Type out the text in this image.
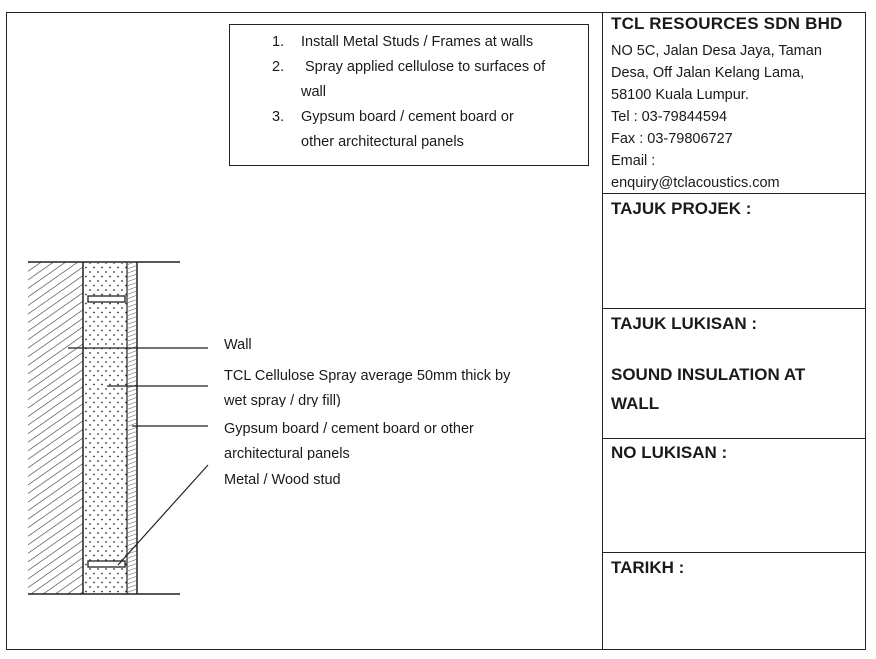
TCL RESOURCES SDN BHD
NO 5C, Jalan Desa Jaya, Taman
Desa, Off Jalan Kelang Lama,
58100 Kuala Lumpur.
Tel : 03-79844594
Fax : 03-79806727
Email :
enquiry@tclacoustics.com
TAJUK PROJEK :
TAJUK LUKISAN :
SOUND INSULATION AT
WALL
NO LUKISAN :
TARIKH :
1.	Install Metal Studs / Frames at walls
2.	Spray applied cellulose to surfaces of
wall
3.	Gypsum board / cement board or
other architectural panels
Wall
TCL Cellulose Spray average 50mm thick by
wet spray / dry fill)
Gypsum board / cement board or other
architectural panels
Metal / Wood stud
